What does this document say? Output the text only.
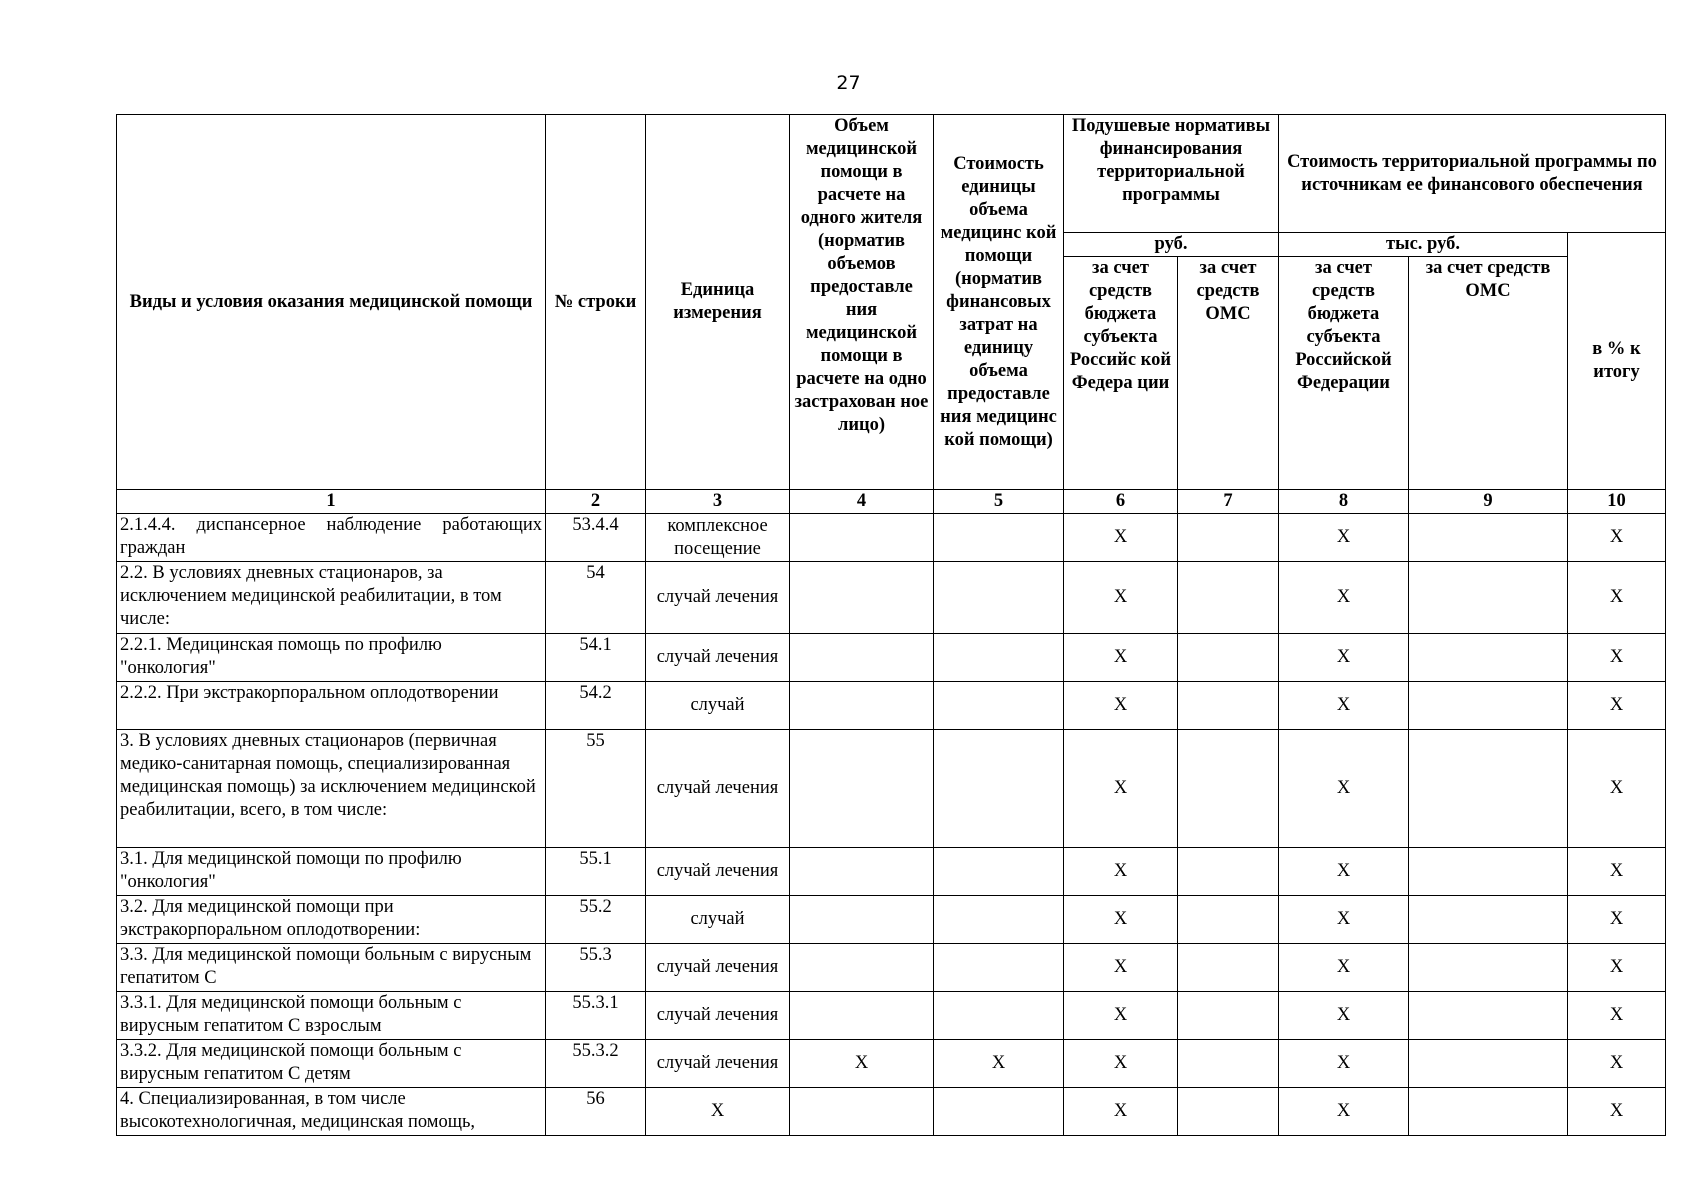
27
Виды и условия оказания медицинской помощи	№ строки	Единица измерения	Объем медицинской помощи в расчете на одного жителя (норматив объемов предоставле ния медицинской помощи в расчете на одно застрахован ное лицо)	Стоимость единицы объема медицинс кой помощи (норматив финансовых затрат на единицу объема предоставле ния медицинс кой помощи)	Подушевые нормативы финансирования территориальной программы		Стоимость территориальной программы по источникам ее финансового обеспечения		
					руб.		тыс. руб.		в % к итогу
					за счет средств бюджета субъекта Российс кой Федера ции	за счет средств ОМС	за счет средств бюджета субъекта Российской Федерации	за счет средств ОМС	
1	2	3	4	5	6	7	8	9	10
2.1.4.4. диспансерное наблюдение работающих граждан	53.4.4	комплексное посещение			X		X		X
2.2. В условиях дневных стационаров, за исключением медицинской реабилитации, в том числе:	54	случай лечения			X		X		X
2.2.1. Медицинская помощь по профилю "онкология"	54.1	случай лечения			X		X		X
2.2.2. При экстракорпоральном оплодотворении	54.2	случай			X		X		X
3. В условиях дневных стационаров (первичная медико-санитарная помощь, специализированная медицинская помощь) за исключением медицинской реабилитации, всего, в том числе:	55	случай лечения			X		X		X
3.1. Для медицинской помощи по профилю "онкология"	55.1	случай лечения			X		X		X
3.2. Для медицинской помощи при экстракорпоральном оплодотворении:	55.2	случай			X		X		X
3.3. Для медицинской помощи больным с вирусным гепатитом С	55.3	случай лечения			X		X		X
3.3.1. Для медицинской помощи больным с вирусным гепатитом С взрослым	55.3.1	случай лечения			X		X		X
3.3.2. Для медицинской помощи больным с вирусным гепатитом С детям	55.3.2	случай лечения	X	X	X		X		X
4. Специализированная, в том числе высокотехнологичная, медицинская помощь,	56	X			X		X		X
